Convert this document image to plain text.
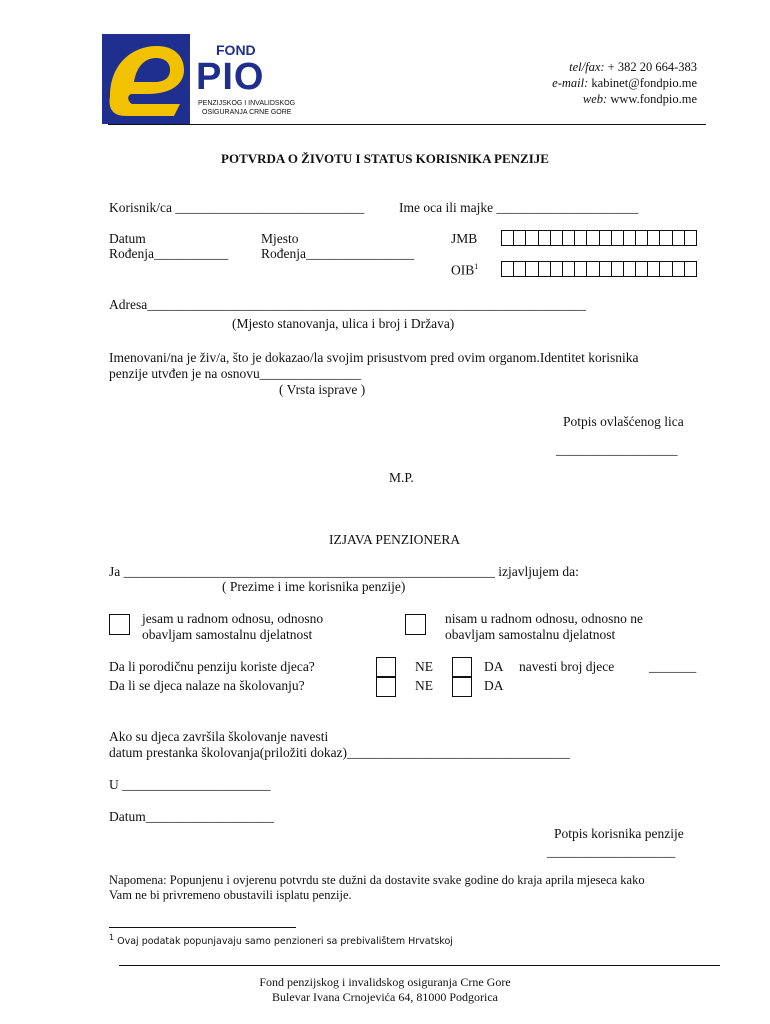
FOND
PIO
PENZIJSKOG I INVALIDSKOG
OSIGURANJA CRNE GORE
tel/fax: + 382 20 664-383
e-mail: kabinet@fondpio.me
web: www.fondpio.me
POTVRDA O ŽIVOTU I STATUS KORISNIKA PENZIJE
Korisnik/ca ____________________________	Ime oca ili majke _____________________
Datum
Rođenja___________
Mjesto
Rođenja________________
JMB
OIB$^1$
Adresa_________________________________________________________________
(Mjesto stanovanja, ulica i broj i Država)
Imenovani/na je živ/a, što je dokazao/la svojim prisustvom pred ovim organom.Identitet korisnika
penzije utvđen je na osnovu_______________
( Vrsta isprave )
Potpis ovlašćenog lica
__________________
M.P.
IZJAVA PENZIONERA
Ja _______________________________________________________ izjavljujem da:
( Prezime i ime korisnika penzije)
jesam u radnom odnosu, odnosno
obavljam samostalnu djelatnost
nisam u radnom odnosu, odnosno ne
obavljam samostalnu djelatnost
Da li porodičnu penziju koriste djeca?
Da li se djeca nalaze na školovanju?
NE
NE
DA
DA
navesti broj djece	_______
Ako su djeca završila školovanje navesti
datum prestanka školovanja(priložiti dokaz)_________________________________
U ______________________
Datum___________________
Potpis korisnika penzije
___________________
Napomena: Popunjenu i ovjerenu potvrdu ste dužni da dostavite svake godine do kraja aprila mjeseca kako
Vam ne bi privremeno obustavili isplatu penzije.
$^1$ Ovaj podatak popunjavaju samo penzioneri sa prebivalištem Hrvatskoj
Fond penzijskog i invalidskog osiguranja Crne Gore
Bulevar Ivana Crnojevića 64, 81000 Podgorica
